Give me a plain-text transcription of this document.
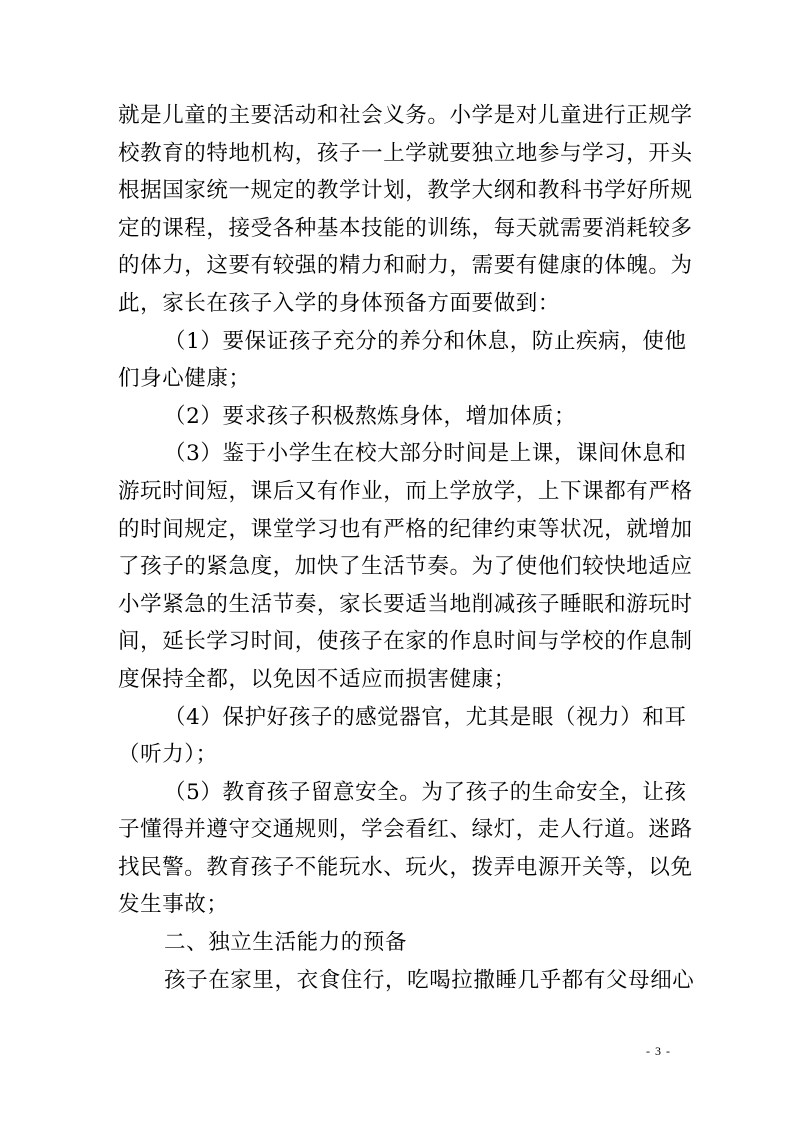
就是儿童的主要活动和社会义务。小学是对儿童进行正规学
校教育的特地机构，孩子一上学就要独立地参与学习，开头
根据国家统一规定的教学计划，教学大纲和教科书学好所规
定的课程，接受各种基本技能的训练，每天就需要消耗较多
的体力，这要有较强的精力和耐力，需要有健康的体魄。为
此，家长在孩子入学的身体预备方面要做到：
（1）要保证孩子充分的养分和休息，防止疾病，使他
们身心健康；
（2）要求孩子积极熬炼身体，增加体质；
（3）鉴于小学生在校大部分时间是上课，课间休息和
游玩时间短，课后又有作业，而上学放学，上下课都有严格
的时间规定，课堂学习也有严格的纪律约束等状况，就增加
了孩子的紧急度，加快了生活节奏。为了使他们较快地适应
小学紧急的生活节奏，家长要适当地削减孩子睡眠和游玩时
间，延长学习时间，使孩子在家的作息时间与学校的作息制
度保持全都，以免因不适应而损害健康；
（4）保护好孩子的感觉器官，尤其是眼（视力）和耳
（听力）；
（5）教育孩子留意安全。为了孩子的生命安全，让孩
子懂得并遵守交通规则，学会看红、绿灯，走人行道。迷路
找民警。教育孩子不能玩水、玩火，拨弄电源开关等，以免
发生事故；
二、独立生活能力的预备
孩子在家里，衣食住行，吃喝拉撒睡几乎都有父母细心
- 3 -
